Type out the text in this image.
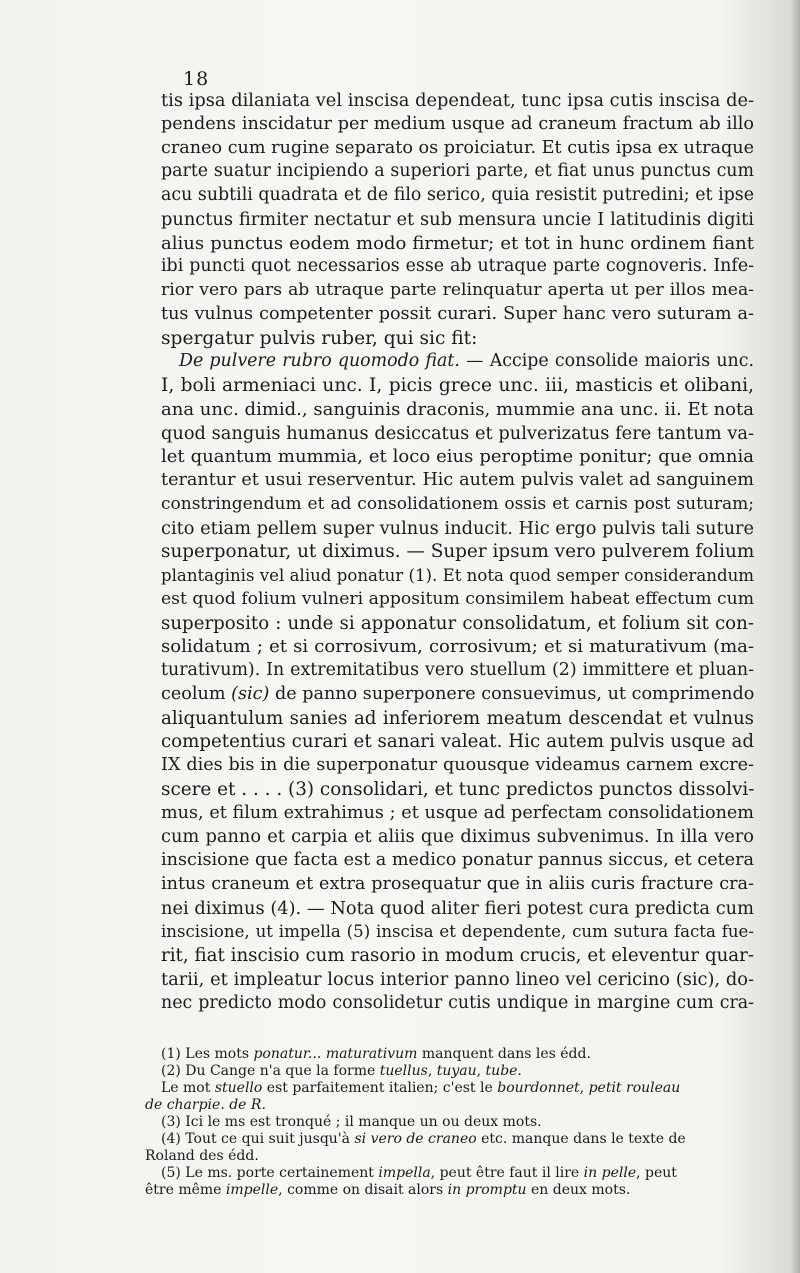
18
tis ipsa dilaniata vel inscisa dependeat, tunc ipsa cutis inscisa de-
pendens inscidatur per medium usque ad craneum fractum ab illo
craneo cum rugine separato os proiciatur. Et cutis ipsa ex utraque
parte suatur incipiendo a superiori parte, et fiat unus punctus cum
acu subtili quadrata et de filo serico, quia resistit putredini; et ipse
punctus firmiter nectatur et sub mensura uncie I latitudinis digiti
alius punctus eodem modo firmetur; et tot in hunc ordinem fiant
ibi puncti quot necessarios esse ab utraque parte cognoveris. Infe-
rior vero pars ab utraque parte relinquatur aperta ut per illos mea-
tus vulnus competenter possit curari. Super hanc vero suturam a-
spergatur pulvis ruber, qui sic fit:
De pulvere rubro quomodo fiat. — Accipe consolide maioris unc.
I, boli armeniaci unc. I, picis grece unc. iii, masticis et olibani,
ana unc. dimid., sanguinis draconis, mummie ana unc. ii. Et nota
quod sanguis humanus desiccatus et pulverizatus fere tantum va-
let quantum mummia, et loco eius peroptime ponitur; que omnia
terantur et usui reserventur. Hic autem pulvis valet ad sanguinem
constringendum et ad consolidationem ossis et carnis post suturam;
cito etiam pellem super vulnus inducit. Hic ergo pulvis tali suture
superponatur, ut diximus. — Super ipsum vero pulverem folium
plantaginis vel aliud ponatur (1). Et nota quod semper considerandum
est quod folium vulneri appositum consimilem habeat effectum cum
superposito : unde si apponatur consolidatum, et folium sit con-
solidatum ; et si corrosivum, corrosivum; et si maturativum (ma-
turativum). In extremitatibus vero stuellum (2) immittere et pluan-
ceolum (sic) de panno superponere consuevimus, ut comprimendo
aliquantulum sanies ad inferiorem meatum descendat et vulnus
competentius curari et sanari valeat. Hic autem pulvis usque ad
IX dies bis in die superponatur quousque videamus carnem excre-
scere et . . . . (3) consolidari, et tunc predictos punctos dissolvi-
mus, et filum extrahimus ; et usque ad perfectam consolidationem
cum panno et carpia et aliis que diximus subvenimus. In illa vero
inscisione que facta est a medico ponatur pannus siccus, et cetera
intus craneum et extra prosequatur que in aliis curis fracture cra-
nei diximus (4). — Nota quod aliter fieri potest cura predicta cum
inscisione, ut impella (5) inscisa et dependente, cum sutura facta fue-
rit, fiat inscisio cum rasorio in modum crucis, et eleventur quar-
tarii, et impleatur locus interior panno lineo vel cericino (sic), do-
nec predicto modo consolidetur cutis undique in margine cum cra-
(1) Les mots ponatur... maturativum manquent dans les édd.
(2) Du Cange n'a que la forme tuellus, tuyau, tube.
Le mot stuello est parfaitement italien; c'est le bourdonnet, petit rouleau
de charpie. de R.
(3) Ici le ms est tronqué ; il manque un ou deux mots.
(4) Tout ce qui suit jusqu'à si vero de craneo etc. manque dans le texte de
Roland des édd.
(5) Le ms. porte certainement impella, peut être faut il lire in pelle, peut
être même impelle, comme on disait alors in promptu en deux mots.
